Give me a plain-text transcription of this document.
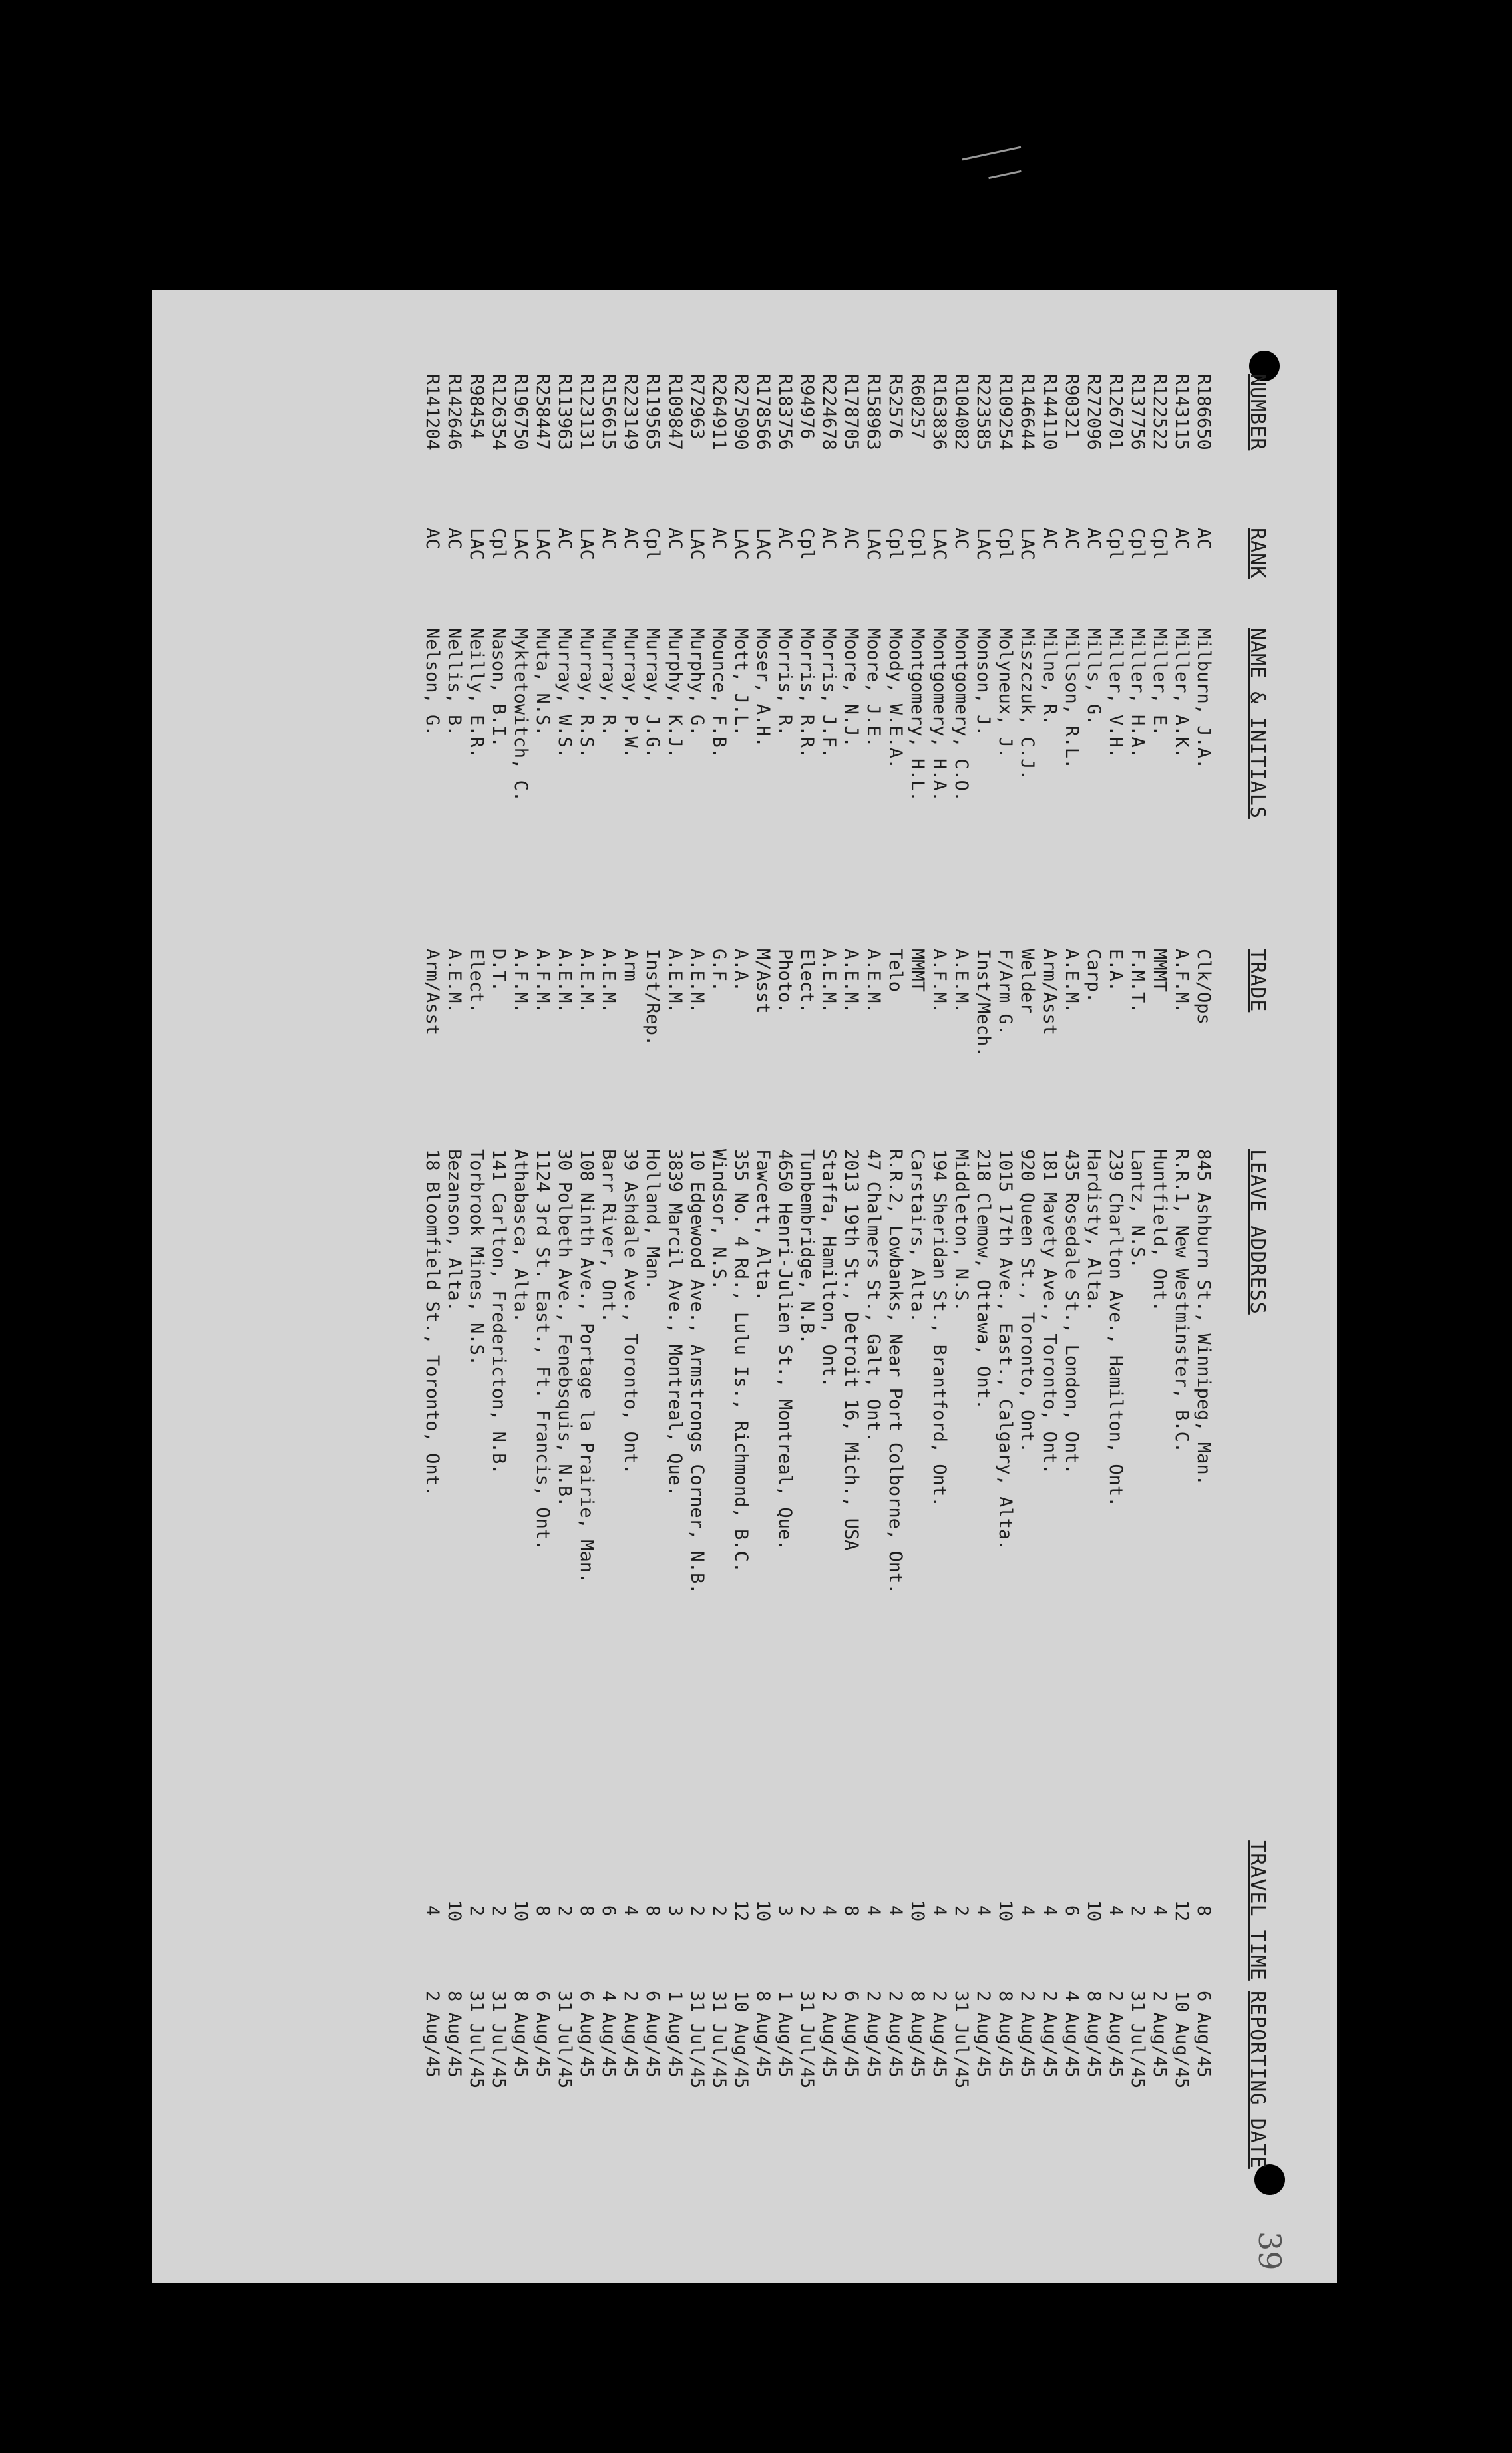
39
NUMBER	RANK	NAME & INITIALS	TRADE	LEAVE ADDRESS	TRAVEL TIME	REPORTING DATE
R186650	AC	Milburn, J.A.	Clk/Ops	845 Ashburn St., Winnipeg, Man.	8	6 Aug/45
R143115	AC	Miller, A.K.	A.F.M.	R.R.1, New Westminster, B.C.	12	10 Aug/45
R122522	Cpl	Miller, E.	MMMT	Huntfield, Ont.	4	2 Aug/45
R137756	Cpl	Miller, H.A.	F.M.T.	Lantz, N.S.	2	31 Jul/45
R126701	Cpl	Miller, V.H.	E.A.	239 Charlton Ave., Hamilton, Ont.	4	2 Aug/45
R272096	AC	Mills, G.	Carp.	Hardisty, Alta.	10	8 Aug/45
R90321	AC	Millson, R.L.	A.E.M.	435 Rosedale St., London, Ont.	6	4 Aug/45
R144110	AC	Milne, R.	Arm/Asst	181 Mavety Ave., Toronto, Ont.	4	2 Aug/45
R146644	LAC	Miszczuk, C.J.	Welder	920 Queen St., Toronto, Ont.	4	2 Aug/45
R109254	Cpl	Molyneux, J.	F/Arm G.	1015 17th Ave., East., Calgary, Alta.	10	8 Aug/45
R223585	LAC	Monson, J.	Inst/Mech.	218 Clemow, Ottawa, Ont.	4	2 Aug/45
R104082	AC	Montgomery, C.O.	A.E.M.	Middleton, N.S.	2	31 Jul/45
R163836	LAC	Montgomery, H.A.	A.F.M.	194 Sheridan St., Brantford, Ont.	4	2 Aug/45
R60257	Cpl	Montgomery, H.L.	MMMT	Carstairs, Alta.	10	8 Aug/45
R52576	Cpl	Moody, W.E.A.	Telo	R.R.2, Lowbanks, Near Port Colborne, Ont.	4	2 Aug/45
R158963	LAC	Moore, J.E.	A.E.M.	47 Chalmers St., Galt, Ont.	4	2 Aug/45
R178705	AC	Moore, N.J.	A.E.M.	2013 19th St., Detroit 16, Mich., USA	8	6 Aug/45
R224678	AC	Morris, J.F.	A.E.M.	Staffa, Hamilton, Ont.	4	2 Aug/45
R94976	Cpl	Morris, R.R.	Elect.	Tunbembridge, N.B.	2	31 Jul/45
R183756	AC	Morris, R.	Photo.	4650 Henri-Julien St., Montreal, Que.	3	1 Aug/45
R178566	LAC	Moser, A.H.	M/Asst	Fawcett, Alta.	10	8 Aug/45
R275090	LAC	Mott, J.L.	A.A.	355 No. 4 Rd., Lulu Is., Richmond, B.C.	12	10 Aug/45
R264911	AC	Mounce, F.B.	G.F.	Windsor, N.S.	2	31 Jul/45
R72963	LAC	Murphy, G.	A.E.M.	10 Edgewood Ave., Armstrongs Corner, N.B.	2	31 Jul/45
R109847	AC	Murphy, K.J.	A.E.M.	3839 Marcil Ave., Montreal, Que.	3	1 Aug/45
R119565	Cpl	Murray, J.G.	Inst/Rep.	Holland, Man.	8	6 Aug/45
R223149	AC	Murray, P.W.	Arm	39 Ashdale Ave., Toronto, Ont.	4	2 Aug/45
R156615	AC	Murray, R.	A.E.M.	Barr River, Ont.	6	4 Aug/45
R123131	LAC	Murray, R.S.	A.E.M.	108 Ninth Ave., Portage la Prairie, Man.	8	6 Aug/45
R113963	AC	Murray, W.S.	A.E.M.	30 Polbeth Ave., Fenebsquis, N.B.	2	31 Jul/45
R258447	LAC	Muta, N.S.	A.F.M.	1124 3rd St. East., Ft. Francis, Ont.	8	6 Aug/45
R196750	LAC	Myktetowitch, C.	A.F.M.	Athabasca, Alta.	10	8 Aug/45
R126354	Cpl	Nason, B.I.	D.T.	141 Carlton, Fredericton, N.B.	2	31 Jul/45
R98454	LAC	Neilly, E.R.	Elect.	Torbrook Mines, N.S.	2	31 Jul/45
R142646	AC	Nellis, B.	A.E.M.	Bezanson, Alta.	10	8 Aug/45
R141204	AC	Nelson, G.	Arm/Asst	18 Bloomfield St., Toronto, Ont.	4	2 Aug/45
